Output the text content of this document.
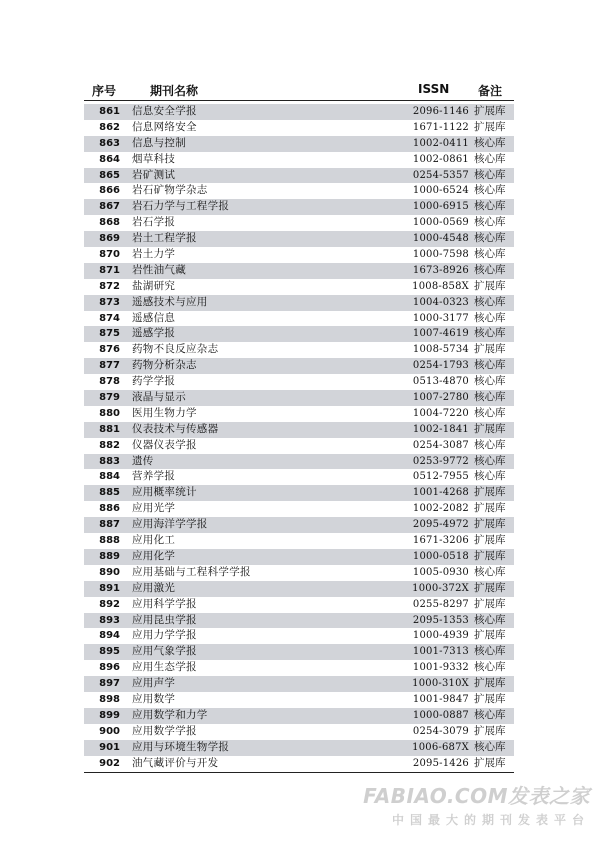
序号	期刊名称	ISSN 备注
861 信息安全学报	2096-1146 扩展库
862 信息网络安全	1671-1122 扩展库
863 信息与控制	1002-0411 核心库
864 烟草科技	1002-0861 核心库
865 岩矿测试	0254-5357 核心库
866 岩石矿物学杂志	1000-6524 核心库
867 岩石力学与工程学报	1000-6915 核心库
868 岩石学报	1000-0569 核心库
869 岩土工程学报	1000-4548 核心库
870 岩土力学	1000-7598 核心库
871 岩性油气藏	1673-8926 核心库
872 盐湖研究	1008-858X 扩展库
873 遥感技术与应用	1004-0323 核心库
874 遥感信息	1000-3177 核心库
875 遥感学报	1007-4619 核心库
876 药物不良反应杂志	1008-5734 扩展库
877 药物分析杂志	0254-1793 核心库
878 药学学报	0513-4870 核心库
879 液晶与显示	1007-2780 核心库
880 医用生物力学	1004-7220 核心库
881 仪表技术与传感器	1002-1841 扩展库
882 仪器仪表学报	0254-3087 核心库
883 遗传	0253-9772 核心库
884 营养学报	0512-7955 核心库
885 应用概率统计	1001-4268 扩展库
886 应用光学	1002-2082 扩展库
887 应用海洋学学报	2095-4972 扩展库
888 应用化工	1671-3206 扩展库
889 应用化学	1000-0518 扩展库
890 应用基础与工程科学学报	1005-0930 核心库
891 应用激光	1000-372X 扩展库
892 应用科学学报	0255-8297 扩展库
893 应用昆虫学报	2095-1353 核心库
894 应用力学学报	1000-4939 扩展库
895 应用气象学报	1001-7313 核心库
896 应用生态学报	1001-9332 核心库
897 应用声学	1000-310X 扩展库
898 应用数学	1001-9847 扩展库
899 应用数学和力学	1000-0887 核心库
900 应用数学学报	0254-3079 扩展库
901 应用与环境生物学报	1006-687X 核心库
902 油气藏评价与开发	2095-1426 扩展库
FABIAO.COM发表之家
中国最大的期刊发表平台
